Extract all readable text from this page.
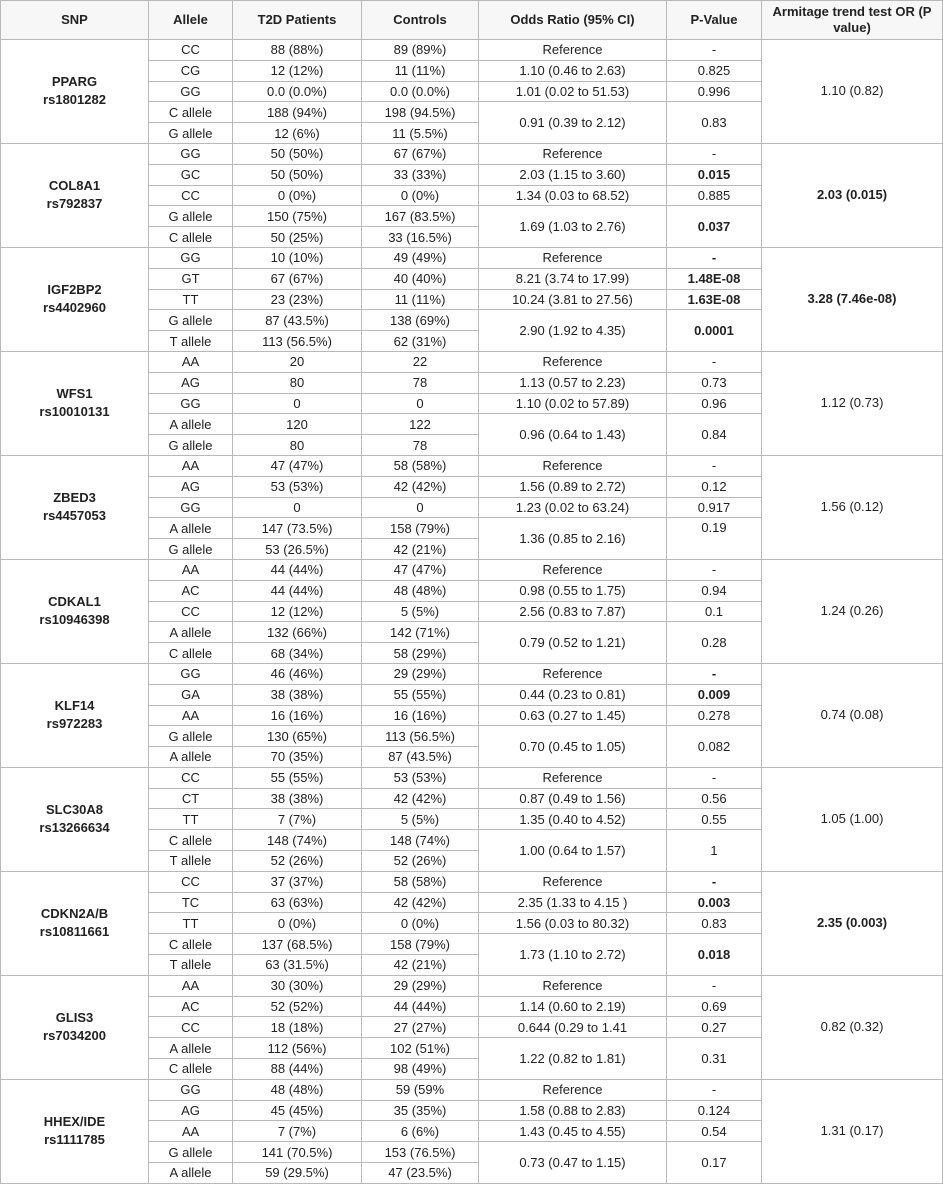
SNP	Allele	T2D Patients	Controls	Odds Ratio (95% CI)	P-Value	Armitage trend test OR (P value)
PPARG
rs1801282	CC	88 (88%)	89 (89%)	Reference	-	1.10 (0.82)
	CG	12 (12%)	11 (11%)	1.10 (0.46 to 2.63)	0.825	
	GG	0.0 (0.0%)	0.0 (0.0%)	1.01 (0.02 to 51.53)	0.996	
	C allele	188 (94%)	198 (94.5%)	0.91 (0.39 to 2.12)	0.83	
	G allele	12 (6%)	11 (5.5%)			
COL8A1
rs792837	GG	50 (50%)	67 (67%)	Reference	-	2.03 (0.015)
	GC	50 (50%)	33 (33%)	2.03 (1.15 to 3.60)	0.015	
	CC	0 (0%)	0 (0%)	1.34 (0.03 to 68.52)	0.885	
	G allele	150 (75%)	167 (83.5%)	1.69 (1.03 to 2.76)	0.037	
	C allele	50 (25%)	33 (16.5%)			
IGF2BP2
rs4402960	GG	10 (10%)	49 (49%)	Reference	-	3.28 (7.46e-08)
	GT	67 (67%)	40 (40%)	8.21 (3.74 to 17.99)	1.48E-08	
	TT	23 (23%)	11 (11%)	10.24 (3.81 to 27.56)	1.63E-08	
	G allele	87 (43.5%)	138 (69%)	2.90 (1.92 to 4.35)	0.0001	
	T allele	113 (56.5%)	62 (31%)			
WFS1
rs10010131	AA	20	22	Reference	-	1.12 (0.73)
	AG	80	78	1.13 (0.57 to 2.23)	0.73	
	GG	0	0	1.10 (0.02 to 57.89)	0.96	
	A allele	120	122	0.96 (0.64 to 1.43)	0.84	
	G allele	80	78			
ZBED3
rs4457053	AA	47 (47%)	58 (58%)	Reference	-	1.56 (0.12)
	AG	53 (53%)	42 (42%)	1.56 (0.89 to 2.72)	0.12	
	GG	0	0	1.23 (0.02 to 63.24)	0.917	
	A allele	147 (73.5%)	158 (79%)	1.36 (0.85 to 2.16)	0.19	
	G allele	53 (26.5%)	42 (21%)			
CDKAL1
rs10946398	AA	44 (44%)	47 (47%)	Reference	-	1.24 (0.26)
	AC	44 (44%)	48 (48%)	0.98 (0.55 to 1.75)	0.94	
	CC	12 (12%)	5 (5%)	2.56 (0.83 to 7.87)	0.1	
	A allele	132 (66%)	142 (71%)	0.79 (0.52 to 1.21)	0.28	
	C allele	68 (34%)	58 (29%)			
KLF14
rs972283	GG	46 (46%)	29 (29%)	Reference	-	0.74 (0.08)
	GA	38 (38%)	55 (55%)	0.44 (0.23 to 0.81)	0.009	
	AA	16 (16%)	16 (16%)	0.63 (0.27 to 1.45)	0.278	
	G allele	130 (65%)	113 (56.5%)	0.70 (0.45 to 1.05)	0.082	
	A allele	70 (35%)	87 (43.5%)			
SLC30A8
rs13266634	CC	55 (55%)	53 (53%)	Reference	-	1.05 (1.00)
	CT	38 (38%)	42 (42%)	0.87 (0.49 to 1.56)	0.56	
	TT	7 (7%)	5 (5%)	1.35 (0.40 to 4.52)	0.55	
	C allele	148 (74%)	148 (74%)	1.00 (0.64 to 1.57)	1	
	T allele	52 (26%)	52 (26%)			
CDKN2A/B
rs10811661	CC	37 (37%)	58 (58%)	Reference	-	2.35 (0.003)
	TC	63 (63%)	42 (42%)	2.35 (1.33 to 4.15 )	0.003	
	TT	0 (0%)	0 (0%)	1.56 (0.03 to 80.32)	0.83	
	C allele	137 (68.5%)	158 (79%)	1.73 (1.10 to 2.72)	0.018	
	T allele	63 (31.5%)	42 (21%)			
GLIS3
rs7034200	AA	30 (30%)	29 (29%)	Reference	-	0.82 (0.32)
	AC	52 (52%)	44 (44%)	1.14 (0.60 to 2.19)	0.69	
	CC	18 (18%)	27 (27%)	0.644 (0.29 to 1.41	0.27	
	A allele	112 (56%)	102 (51%)	1.22 (0.82 to 1.81)	0.31	
	C allele	88 (44%)	98 (49%)			
HHEX/IDE
rs1111785	GG	48 (48%)	59 (59%	Reference	-	1.31 (0.17)
	AG	45 (45%)	35 (35%)	1.58 (0.88 to 2.83)	0.124	
	AA	7 (7%)	6 (6%)	1.43 (0.45 to 4.55)	0.54	
	G allele	141 (70.5%)	153 (76.5%)	0.73 (0.47 to 1.15)	0.17	
	A allele	59 (29.5%)	47 (23.5%)			
